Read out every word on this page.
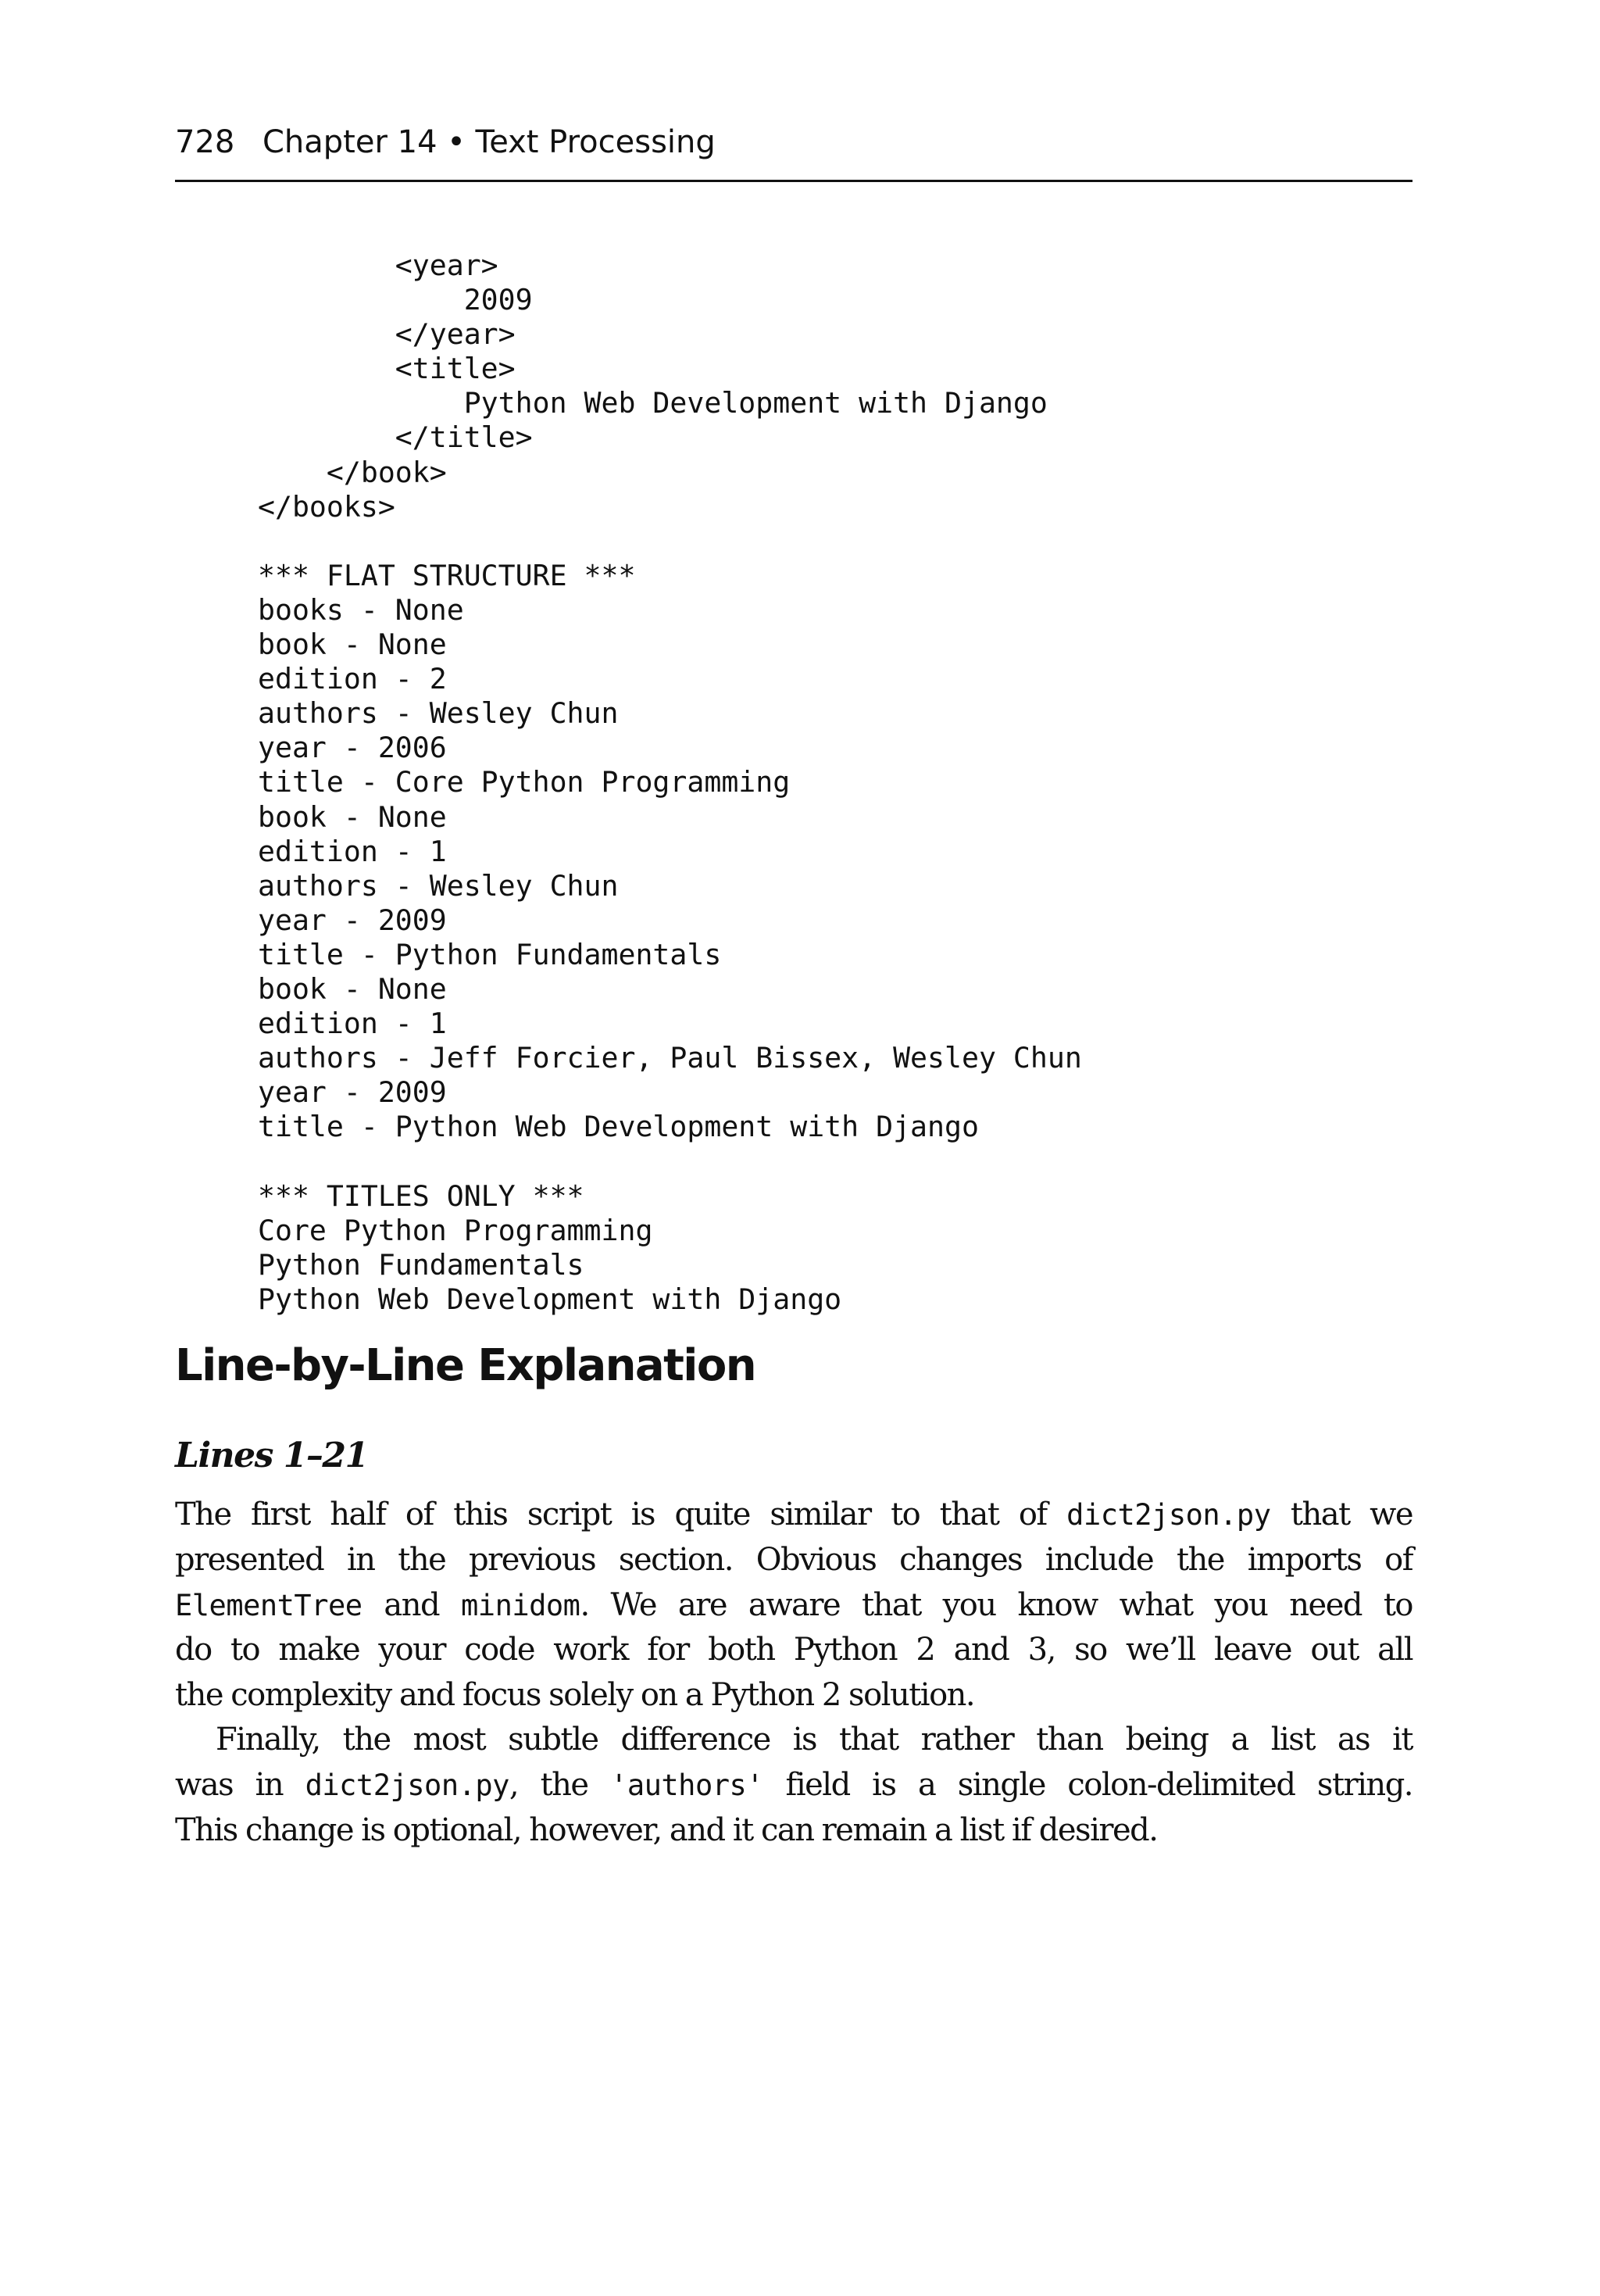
728 Chapter 14 • Text Processing
<year>
2009
</year>
<title>
Python Web Development with Django
</title>
</book>
</books>

*** FLAT STRUCTURE ***
books - None
book - None
edition - 2
authors - Wesley Chun
year - 2006
title - Core Python Programming
book - None
edition - 1
authors - Wesley Chun
year - 2009
title - Python Fundamentals
book - None
edition - 1
authors - Jeff Forcier, Paul Bissex, Wesley Chun
year - 2009
title - Python Web Development with Django

*** TITLES ONLY ***
Core Python Programming
Python Fundamentals
Python Web Development with Django

Line-by-Line Explanation
Lines 1–21
The first half of this script is quite similar to that of dict2json.py that we
presented in the previous section. Obvious changes include the imports of
ElementTree and minidom. We are aware that you know what you need to
do to make your code work for both Python 2 and 3, so we’ll leave out all
the complexity and focus solely on a Python 2 solution.
Finally, the most subtle difference is that rather than being a list as it
was in dict2json.py, the 'authors' field is a single colon-delimited string.
This change is optional, however, and it can remain a list if desired.
